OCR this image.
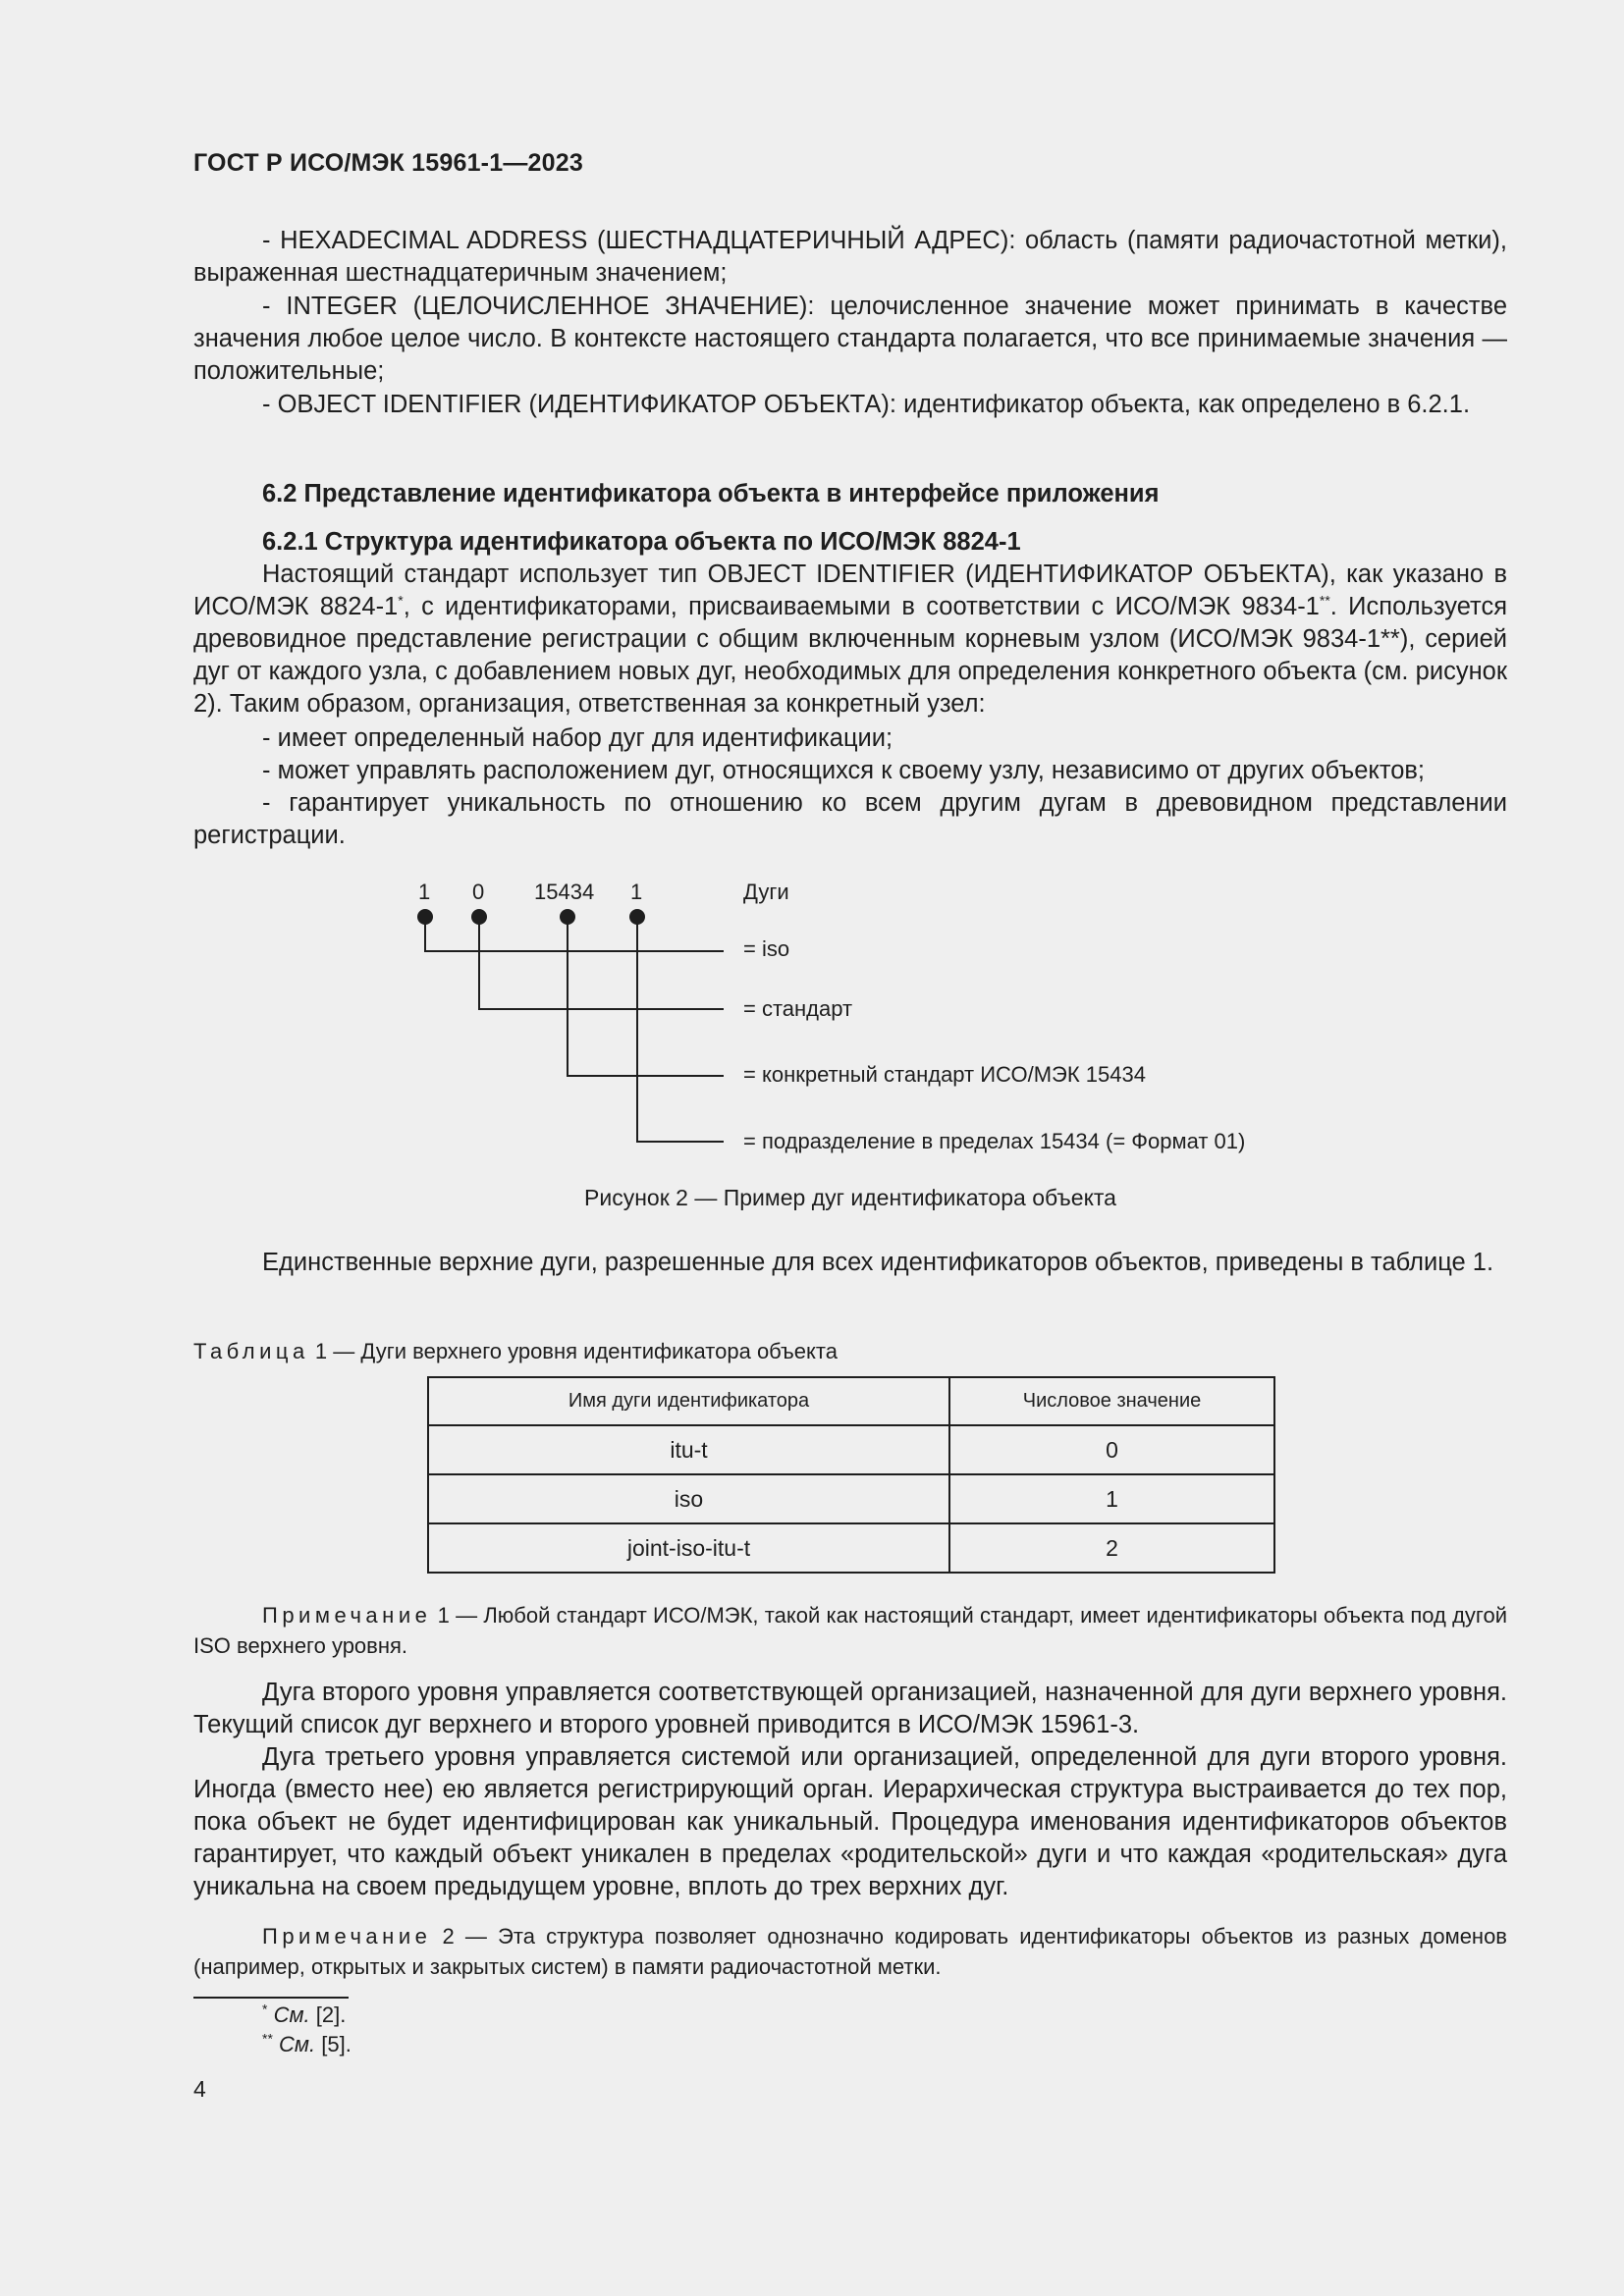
ГОСТ Р ИСО/МЭК 15961-1—2023
- HEXADECIMAL ADDRESS (ШЕСТНАДЦАТЕРИЧНЫЙ АДРЕС): область (памяти радиочастотной метки), выраженная шестнадцатеричным значением;
- INTEGER (ЦЕЛОЧИСЛЕННОЕ ЗНАЧЕНИЕ): целочисленное значение может принимать в качестве значения любое целое число. В контексте настоящего стандарта полагается, что все принимаемые значения — положительные;
- OBJECT IDENTIFIER (ИДЕНТИФИКАТОР ОБЪЕКТА): идентификатор объекта, как определено в 6.2.1.
6.2 Представление идентификатора объекта в интерфейсе приложения
6.2.1 Структура идентификатора объекта по ИСО/МЭК 8824-1
Настоящий стандарт использует тип OBJECT IDENTIFIER (ИДЕНТИФИКАТОР ОБЪЕКТА), как указано в ИСО/МЭК 8824-1*, с идентификаторами, присваиваемыми в соответствии с ИСО/МЭК 9834-1**. Используется древовидное представление регистрации с общим включенным корневым узлом (ИСО/МЭК 9834-1**), серией дуг от каждого узла, с добавлением новых дуг, необходимых для определения конкретного объекта (см. рисунок 2). Таким образом, организация, ответственная за конкретный узел:
- имеет определенный набор дуг для идентификации;
- может управлять расположением дуг, относящихся к своему узлу, независимо от других объектов;
- гарантирует уникальность по отношению ко всем другим дугам в древовидном представлении регистрации.
1 0 15434 1	Дуги
= iso
= стандарт
= конкретный стандарт ИСО/МЭК 15434
= подразделение в пределах 15434 (= Формат 01)
Рисунок 2 — Пример дуг идентификатора объекта
Единственные верхние дуги, разрешенные для всех идентификаторов объектов, приведены в таблице 1.
Таблица 1 — Дуги верхнего уровня идентификатора объекта
Имя дуги идентификатора	Числовое значение
itu-t	0
iso	1
joint-iso-itu-t	2
Примечание 1 — Любой стандарт ИСО/МЭК, такой как настоящий стандарт, имеет идентификаторы объекта под дугой ISO верхнего уровня.
Дуга второго уровня управляется соответствующей организацией, назначенной для дуги верхнего уровня. Текущий список дуг верхнего и второго уровней приводится в ИСО/МЭК 15961-3.
Дуга третьего уровня управляется системой или организацией, определенной для дуги второго уровня. Иногда (вместо нее) ею является регистрирующий орган. Иерархическая структура выстраивается до тех пор, пока объект не будет идентифицирован как уникальный. Процедура именования идентификаторов объектов гарантирует, что каждый объект уникален в пределах «родительской» дуги и что каждая «родительская» дуга уникальна на своем предыдущем уровне, вплоть до трех верхних дуг.
Примечание 2 — Эта структура позволяет однозначно кодировать идентификаторы объектов из разных доменов (например, открытых и закрытых систем) в памяти радиочастотной метки.
* См. [2].
** См. [5].
4
